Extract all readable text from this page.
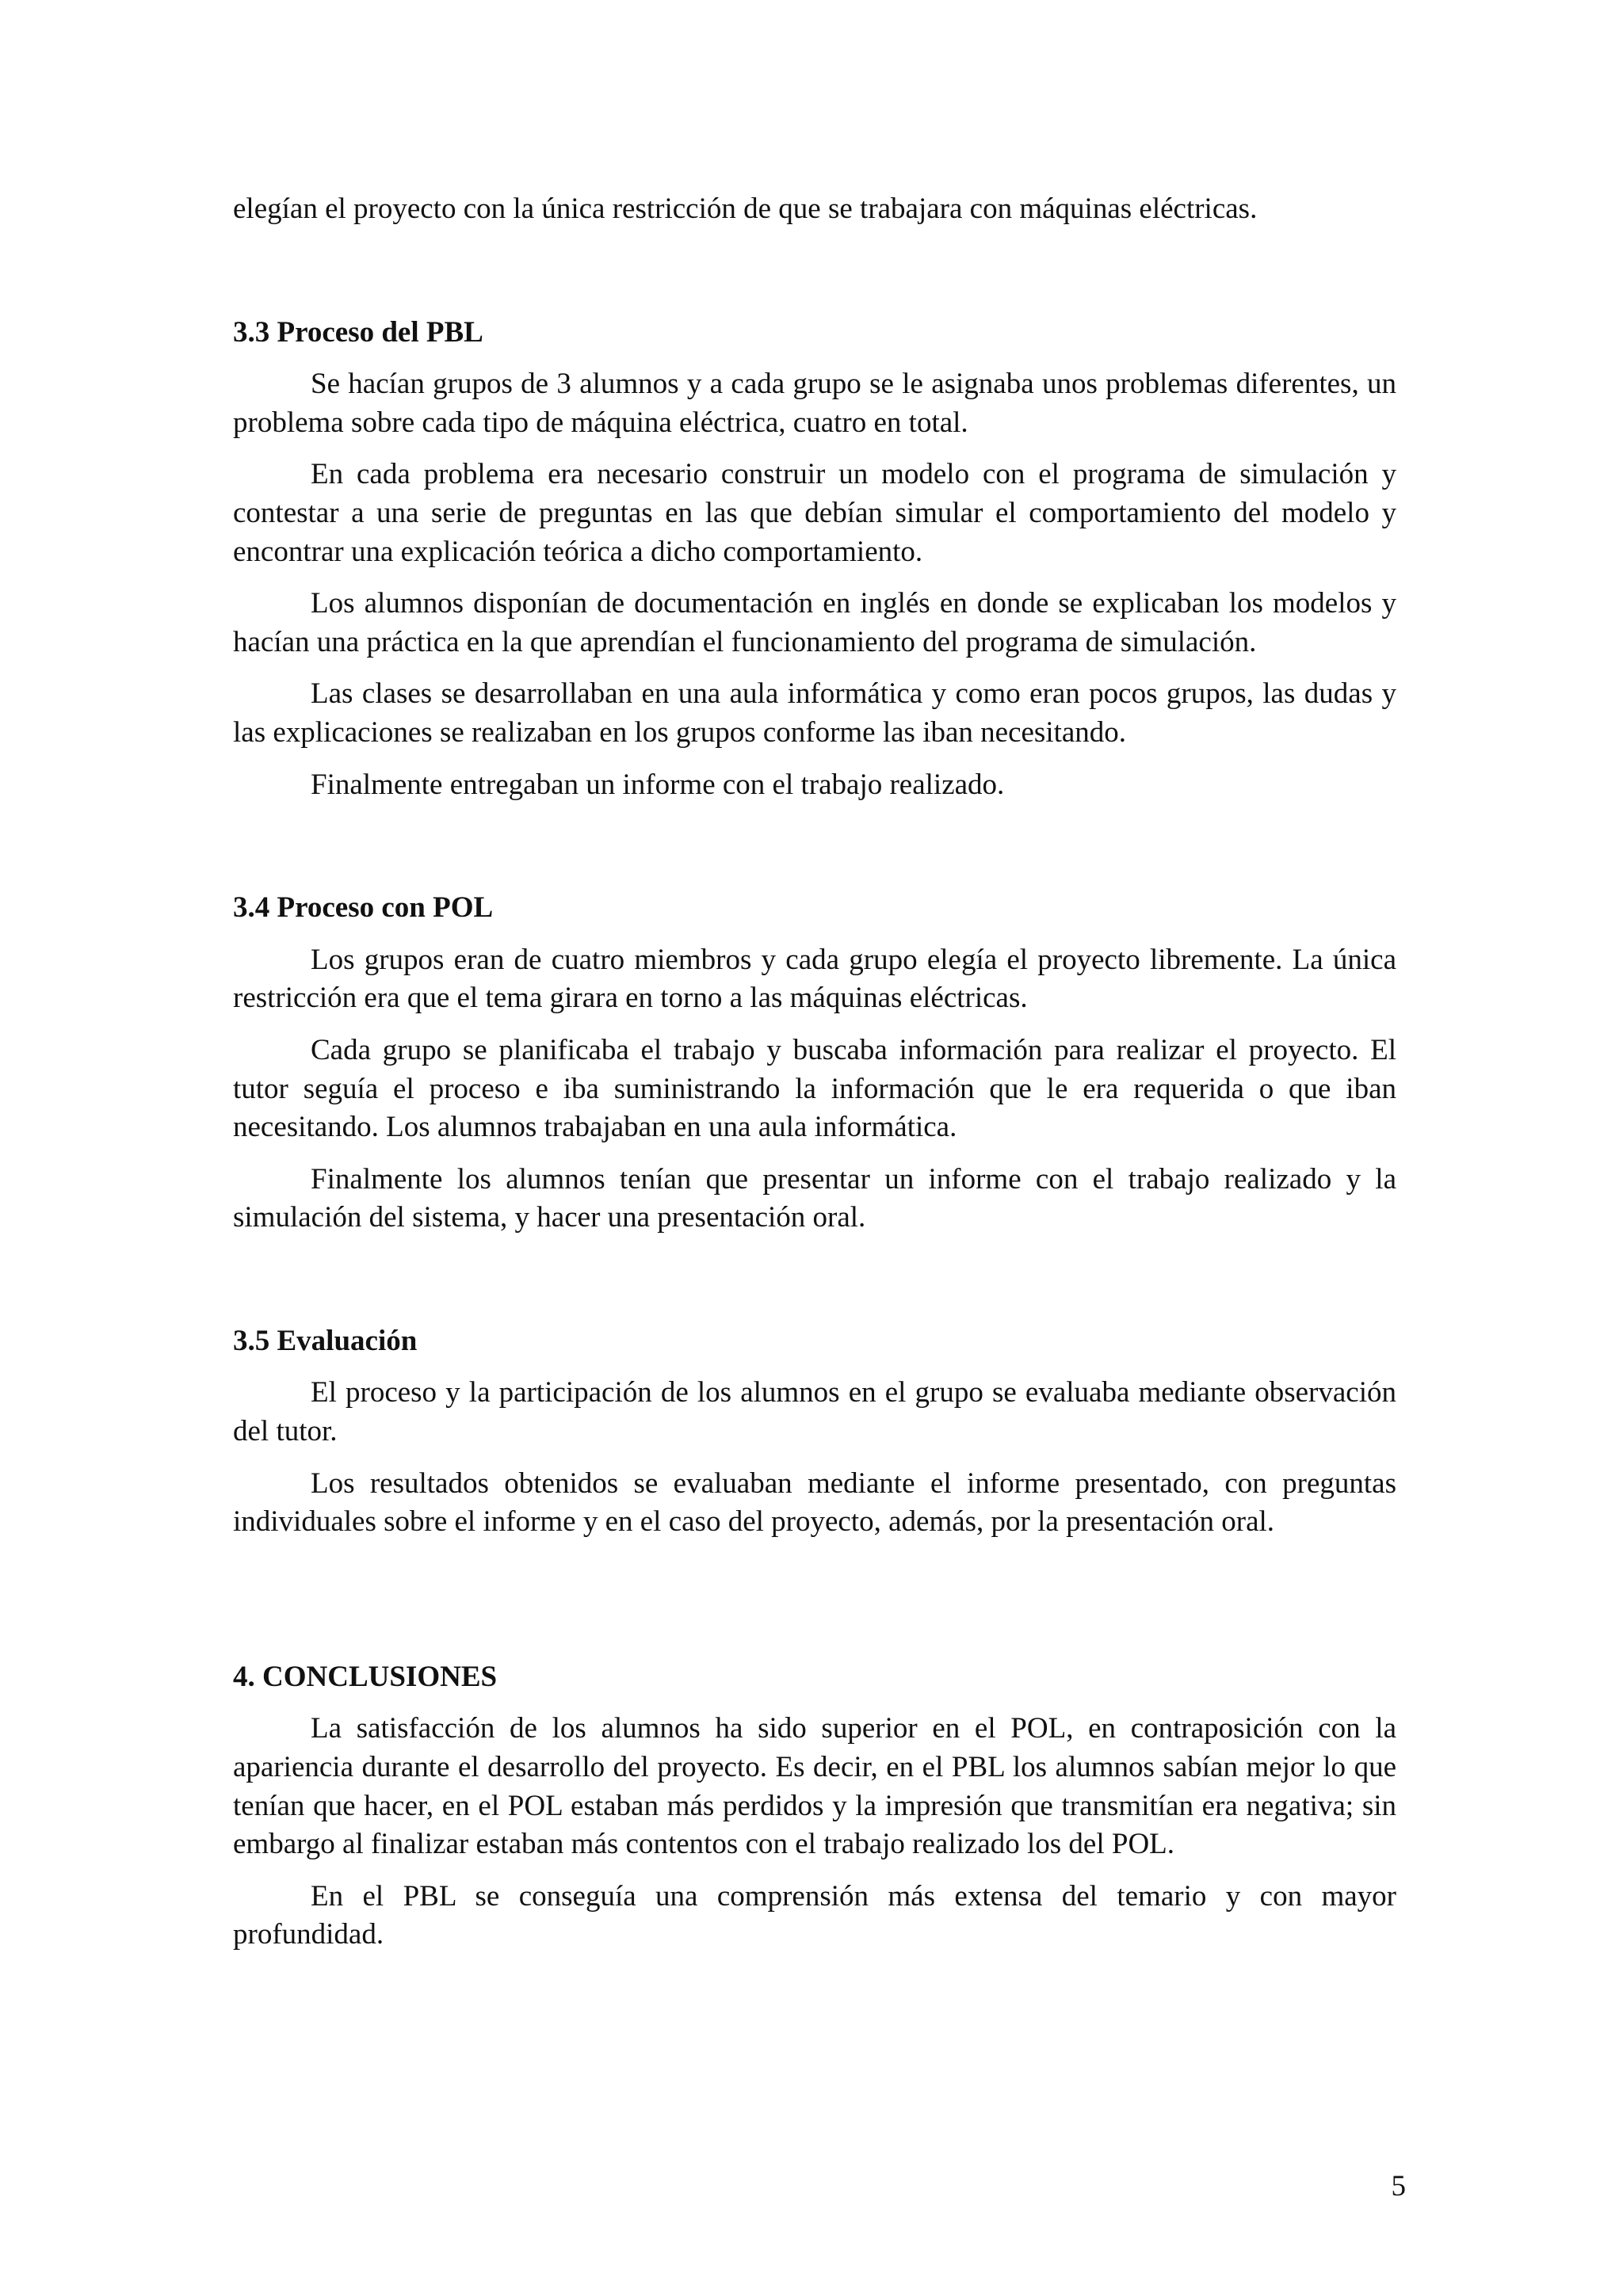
elegían el proyecto con la única restricción de que se trabajara con máquinas eléctricas.

3.3 Proceso del PBL

Se hacían grupos de 3 alumnos y a cada grupo se le asignaba unos problemas diferentes, un problema sobre cada tipo de máquina eléctrica, cuatro en total.

En cada problema era necesario construir un modelo con el programa de simulación y contestar a una serie de preguntas en las que debían simular el comportamiento del modelo y encontrar una explicación teórica a dicho comportamiento.

Los alumnos disponían de documentación en inglés en donde se explicaban los modelos y hacían una práctica en la que aprendían el funcionamiento del programa de simulación.

Las clases se desarrollaban en una aula informática y como eran pocos grupos, las dudas y las explicaciones se realizaban en los grupos conforme las iban necesitando.

Finalmente entregaban un informe con el trabajo realizado.

3.4 Proceso con POL

Los grupos eran de cuatro miembros y cada grupo elegía el proyecto libremente. La única restricción era que el tema girara en torno a las máquinas eléctricas.

Cada grupo se planificaba el trabajo y buscaba información para realizar el proyecto. El tutor seguía el proceso e iba suministrando la información que le era requerida o que iban necesitando. Los alumnos trabajaban en una aula informática.

Finalmente los alumnos tenían que presentar un informe con el trabajo realizado y la simulación del sistema, y hacer una presentación oral.

3.5 Evaluación

El proceso y la participación de los alumnos en el grupo se evaluaba mediante observación del tutor.

Los resultados obtenidos se evaluaban mediante el informe presentado, con preguntas individuales sobre el informe y en el caso del proyecto, además, por la presentación oral.

4. CONCLUSIONES

La satisfacción de los alumnos ha sido superior en el POL, en contraposición con la apariencia durante el desarrollo del proyecto. Es decir, en el PBL los alumnos sabían mejor lo que tenían que hacer, en el POL estaban más perdidos y la impresión que transmitían era negativa; sin embargo al finalizar estaban más contentos con el trabajo realizado los del POL.

En el PBL se conseguía una comprensión más extensa del temario y con mayor profundidad.

5
